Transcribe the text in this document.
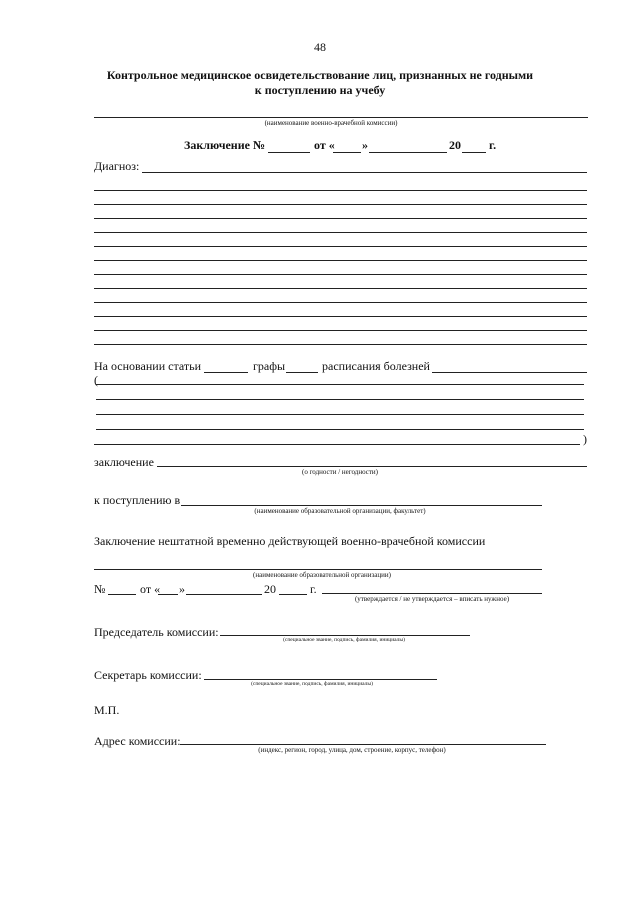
48
Контрольное медицинское освидетельствование лиц, признанных не годными
к поступлению на учебу
(наименование военно-врачебной комиссии)
Заключение №	от « »	20 г.
Диагноз:
На основании статьи	графы	расписания болезней
(
)
заключение
(о годности / негодности)
к поступлению в
(наименование образовательной организации, факультет)
Заключение нештатной временно действующей военно-врачебной комиссии
(наименование образовательной организации)
№	от « »	20	г.
(утверждается / не утверждается – вписать нужное)
Председатель комиссии:
(специальное звание, подпись, фамилия, инициалы)
Секретарь комиссии:
(специальное звание, подпись, фамилия, инициалы)
М.П.
Адрес комиссии:
(индекс, регион, город, улица, дом, строение, корпус, телефон)
